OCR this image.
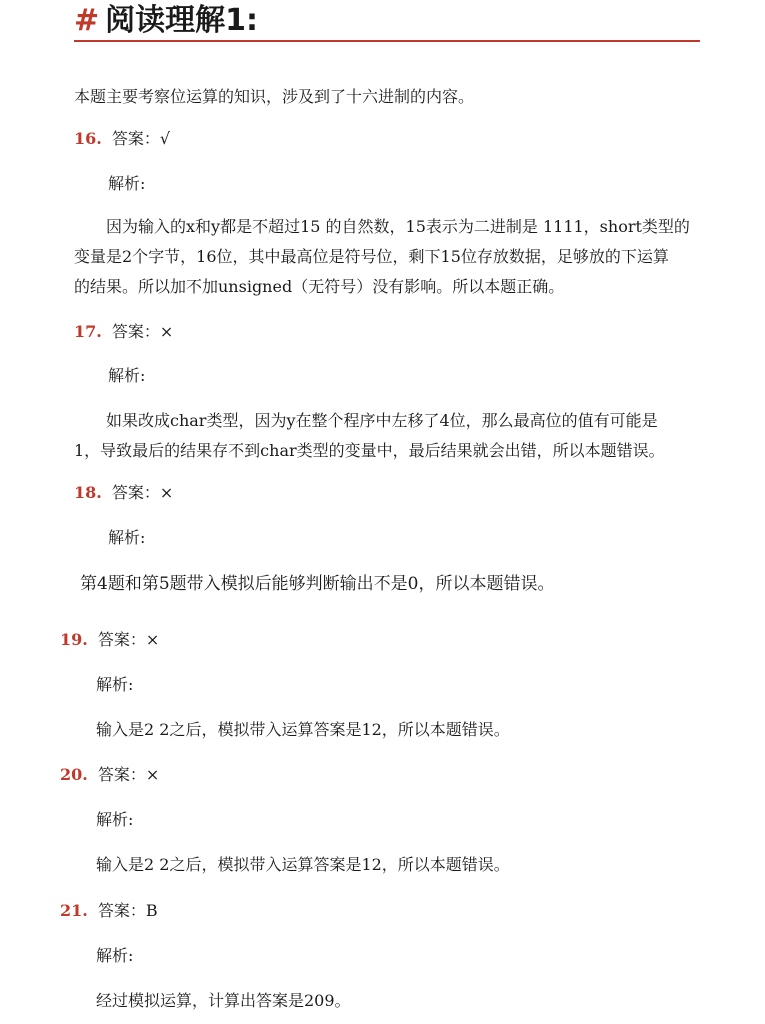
# 阅读理解1:
本题主要考察位运算的知识，涉及到了十六进制的内容。
16. 答案：√
解析:
因为输入的x和y都是不超过15 的自然数，15表示为二进制是 1111，short类型的
变量是2个字节，16位，其中最高位是符号位，剩下15位存放数据，足够放的下运算
的结果。所以加不加unsigned（无符号）没有影响。所以本题正确。
17. 答案：×
解析:
如果改成char类型，因为y在整个程序中左移了4位，那么最高位的值有可能是
1，导致最后的结果存不到char类型的变量中，最后结果就会出错，所以本题错误。
18. 答案：×
解析:
第4题和第5题带入模拟后能够判断输出不是0，所以本题错误。
19. 答案：×
解析:
输入是2 2之后，模拟带入运算答案是12，所以本题错误。
20. 答案：×
解析:
输入是2 2之后，模拟带入运算答案是12，所以本题错误。
21. 答案：B
解析:
经过模拟运算，计算出答案是209。
